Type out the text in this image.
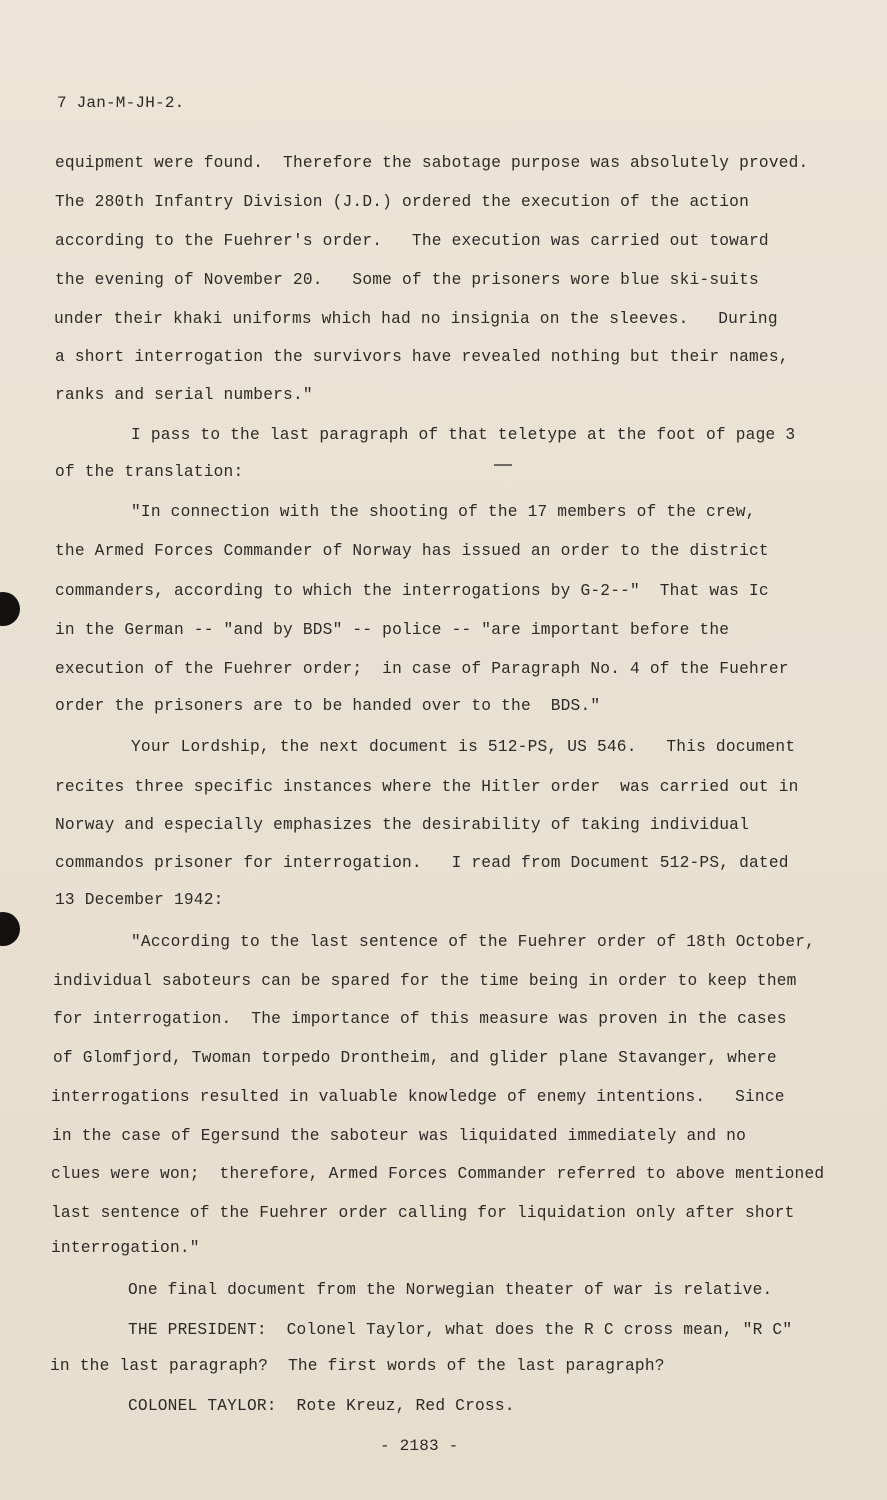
7 Jan-M-JH-2.
equipment were found.  Therefore the sabotage purpose was absolutely proved.
The 280th Infantry Division (J.D.) ordered the execution of the action
according to the Fuehrer's order.   The execution was carried out toward
the evening of November 20.   Some of the prisoners wore blue ski-suits
under their khaki uniforms which had no insignia on the sleeves.   During
a short interrogation the survivors have revealed nothing but their names,
ranks and serial numbers."
I pass to the last paragraph of that teletype at the foot of page 3
of the translation:
"In connection with the shooting of the 17 members of the crew,
the Armed Forces Commander of Norway has issued an order to the district
commanders, according to which the interrogations by G-2--"  That was Ic
in the German -- "and by BDS" -- police -- "are important before the
execution of the Fuehrer order;  in case of Paragraph No. 4 of the Fuehrer
order the prisoners are to be handed over to the  BDS."
Your Lordship, the next document is 512-PS, US 546.   This document
recites three specific instances where the Hitler order  was carried out in
Norway and especially emphasizes the desirability of taking individual
commandos prisoner for interrogation.   I read from Document 512-PS, dated
13 December 1942:
"According to the last sentence of the Fuehrer order of 18th October,
individual saboteurs can be spared for the time being in order to keep them
for interrogation.  The importance of this measure was proven in the cases
of Glomfjord, Twoman torpedo Drontheim, and glider plane Stavanger, where
interrogations resulted in valuable knowledge of enemy intentions.   Since
in the case of Egersund the saboteur was liquidated immediately and no
clues were won;  therefore, Armed Forces Commander referred to above mentioned
last sentence of the Fuehrer order calling for liquidation only after short
interrogation."
One final document from the Norwegian theater of war is relative.
THE PRESIDENT:  Colonel Taylor, what does the R C cross mean, "R C"
in the last paragraph?  The first words of the last paragraph?
COLONEL TAYLOR:  Rote Kreuz, Red Cross.
- 2183 -
